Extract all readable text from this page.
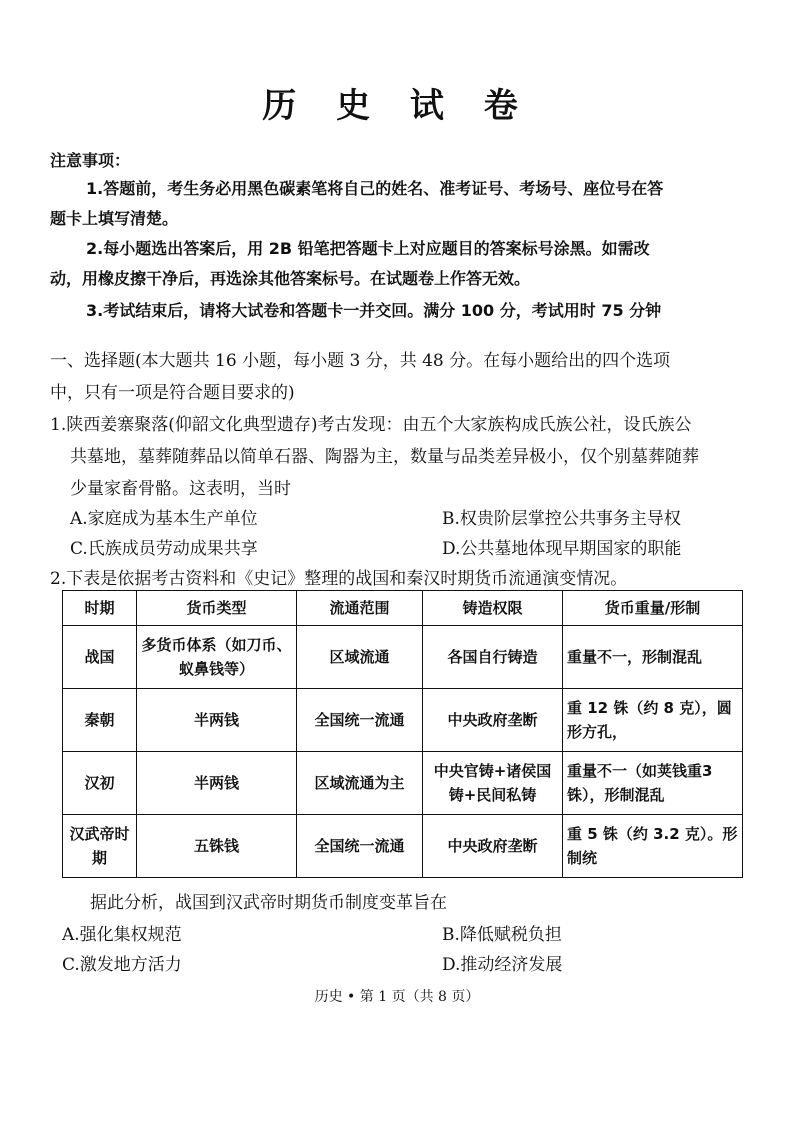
历 史 试 卷
注意事项：
1.答题前，考生务必用黑色碳素笔将自己的姓名、准考证号、考场号、座位号在答
题卡上填写清楚。
2.每小题选出答案后，用 2B 铅笔把答题卡上对应题目的答案标号涂黑。如需改
动，用橡皮擦干净后，再选涂其他答案标号。在试题卷上作答无效。
3.考试结束后，请将大试卷和答题卡一并交回。满分 100 分，考试用时 75 分钟
一、选择题(本大题共 16 小题，每小题 3 分，共 48 分。在每小题给出的四个选项
中，只有一项是符合题目要求的)
1.陕西姜寨聚落(仰韶文化典型遗存)考古发现：由五个大家族构成氏族公社，设氏族公
共墓地，墓葬随葬品以简单石器、陶器为主，数量与品类差异极小，仅个别墓葬随葬
少量家畜骨骼。这表明，当时
A.家庭成为基本生产单位	B.权贵阶层掌控公共事务主导权
C.氏族成员劳动成果共享	D.公共墓地体现早期国家的职能
2.下表是依据考古资料和《史记》整理的战国和秦汉时期货币流通演变情况。
时期	货币类型	流通范围	铸造权限	货币重量/形制
战国	多货币体系（如刀币、蚁鼻钱等）	区域流通	各国自行铸造	重量不一，形制混乱
秦朝	半两钱	全国统一流通	中央政府垄断	重 12 铢（约 8 克），圆形方孔，
汉初	半两钱	区域流通为主	中央官铸+诸侯国铸+民间私铸	重量不一（如荚钱重3铢），形制混乱
汉武帝时期	五铢钱	全国统一流通	中央政府垄断	重 5 铢（约 3.2 克）。形制统
据此分析，战国到汉武帝时期货币制度变革旨在
A.强化集权规范	B.降低赋税负担
C.激发地方活力	D.推动经济发展
历史 • 第 1 页（共 8 页）
